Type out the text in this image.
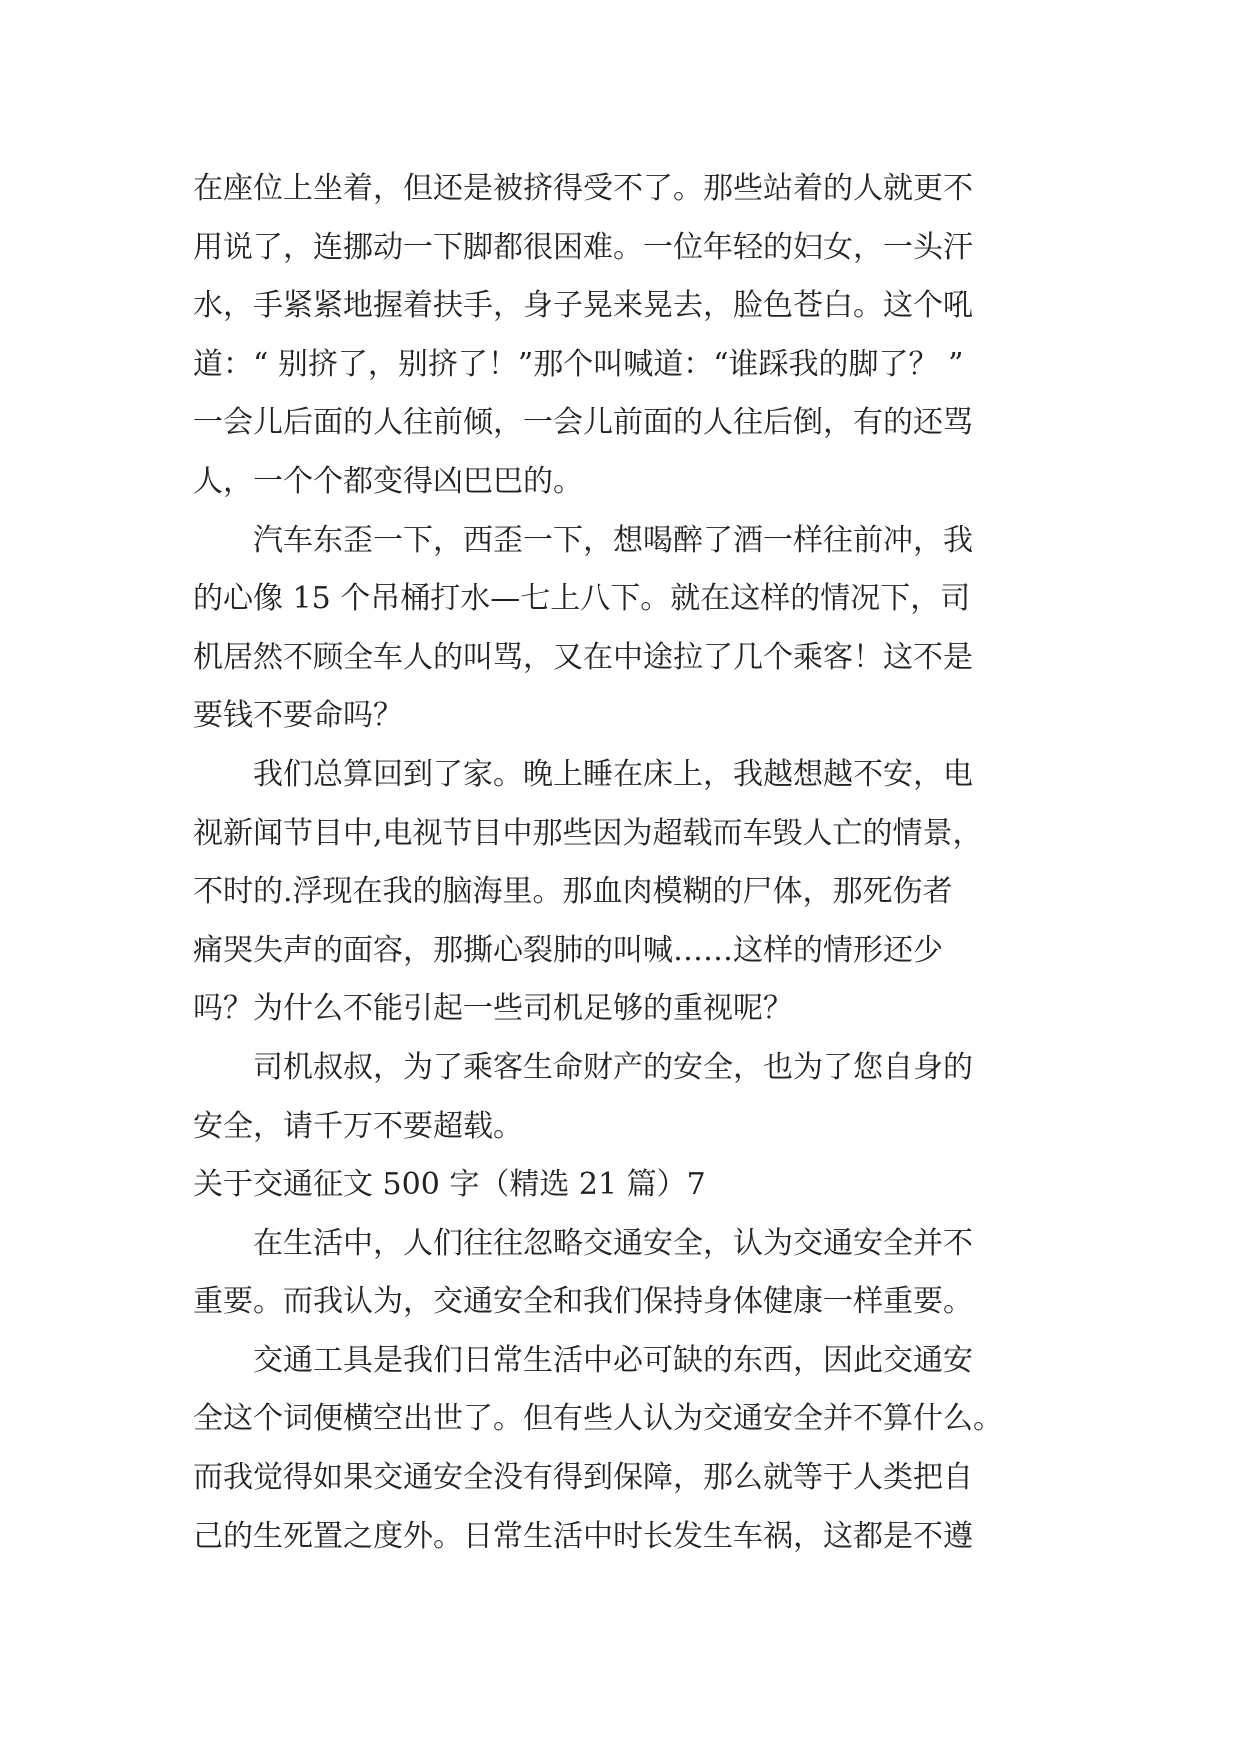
在座位上坐着，但还是被挤得受不了。那些站着的人就更不
用说了，连挪动一下脚都很困难。一位年轻的妇女，一头汗
水，手紧紧地握着扶手，身子晃来晃去，脸色苍白。这个吼
道：“ 别挤了，别挤了！”那个叫喊道：“谁踩我的脚了？ ”
一会儿后面的人往前倾，一会儿前面的人往后倒，有的还骂
人，一个个都变得凶巴巴的。
　　汽车东歪一下，西歪一下，想喝醉了酒一样往前冲，我
的心像 15 个吊桶打水—七上八下。就在这样的情况下，司
机居然不顾全车人的叫骂，又在中途拉了几个乘客！这不是
要钱不要命吗？
　　我们总算回到了家。晚上睡在床上，我越想越不安，电
视新闻节目中,电视节目中那些因为超载而车毁人亡的情景，
不时的.浮现在我的脑海里。那血肉模糊的尸体，那死伤者
痛哭失声的面容，那撕心裂肺的叫喊……这样的情形还少
吗？为什么不能引起一些司机足够的重视呢？
　　司机叔叔，为了乘客生命财产的安全，也为了您自身的
安全，请千万不要超载。
关于交通征文 500 字（精选 21 篇）7
　　在生活中，人们往往忽略交通安全，认为交通安全并不
重要。而我认为，交通安全和我们保持身体健康一样重要。
　　交通工具是我们日常生活中必可缺的东西，因此交通安
全这个词便横空出世了。但有些人认为交通安全并不算什么。
而我觉得如果交通安全没有得到保障，那么就等于人类把自
己的生死置之度外。日常生活中时长发生车祸，这都是不遵
